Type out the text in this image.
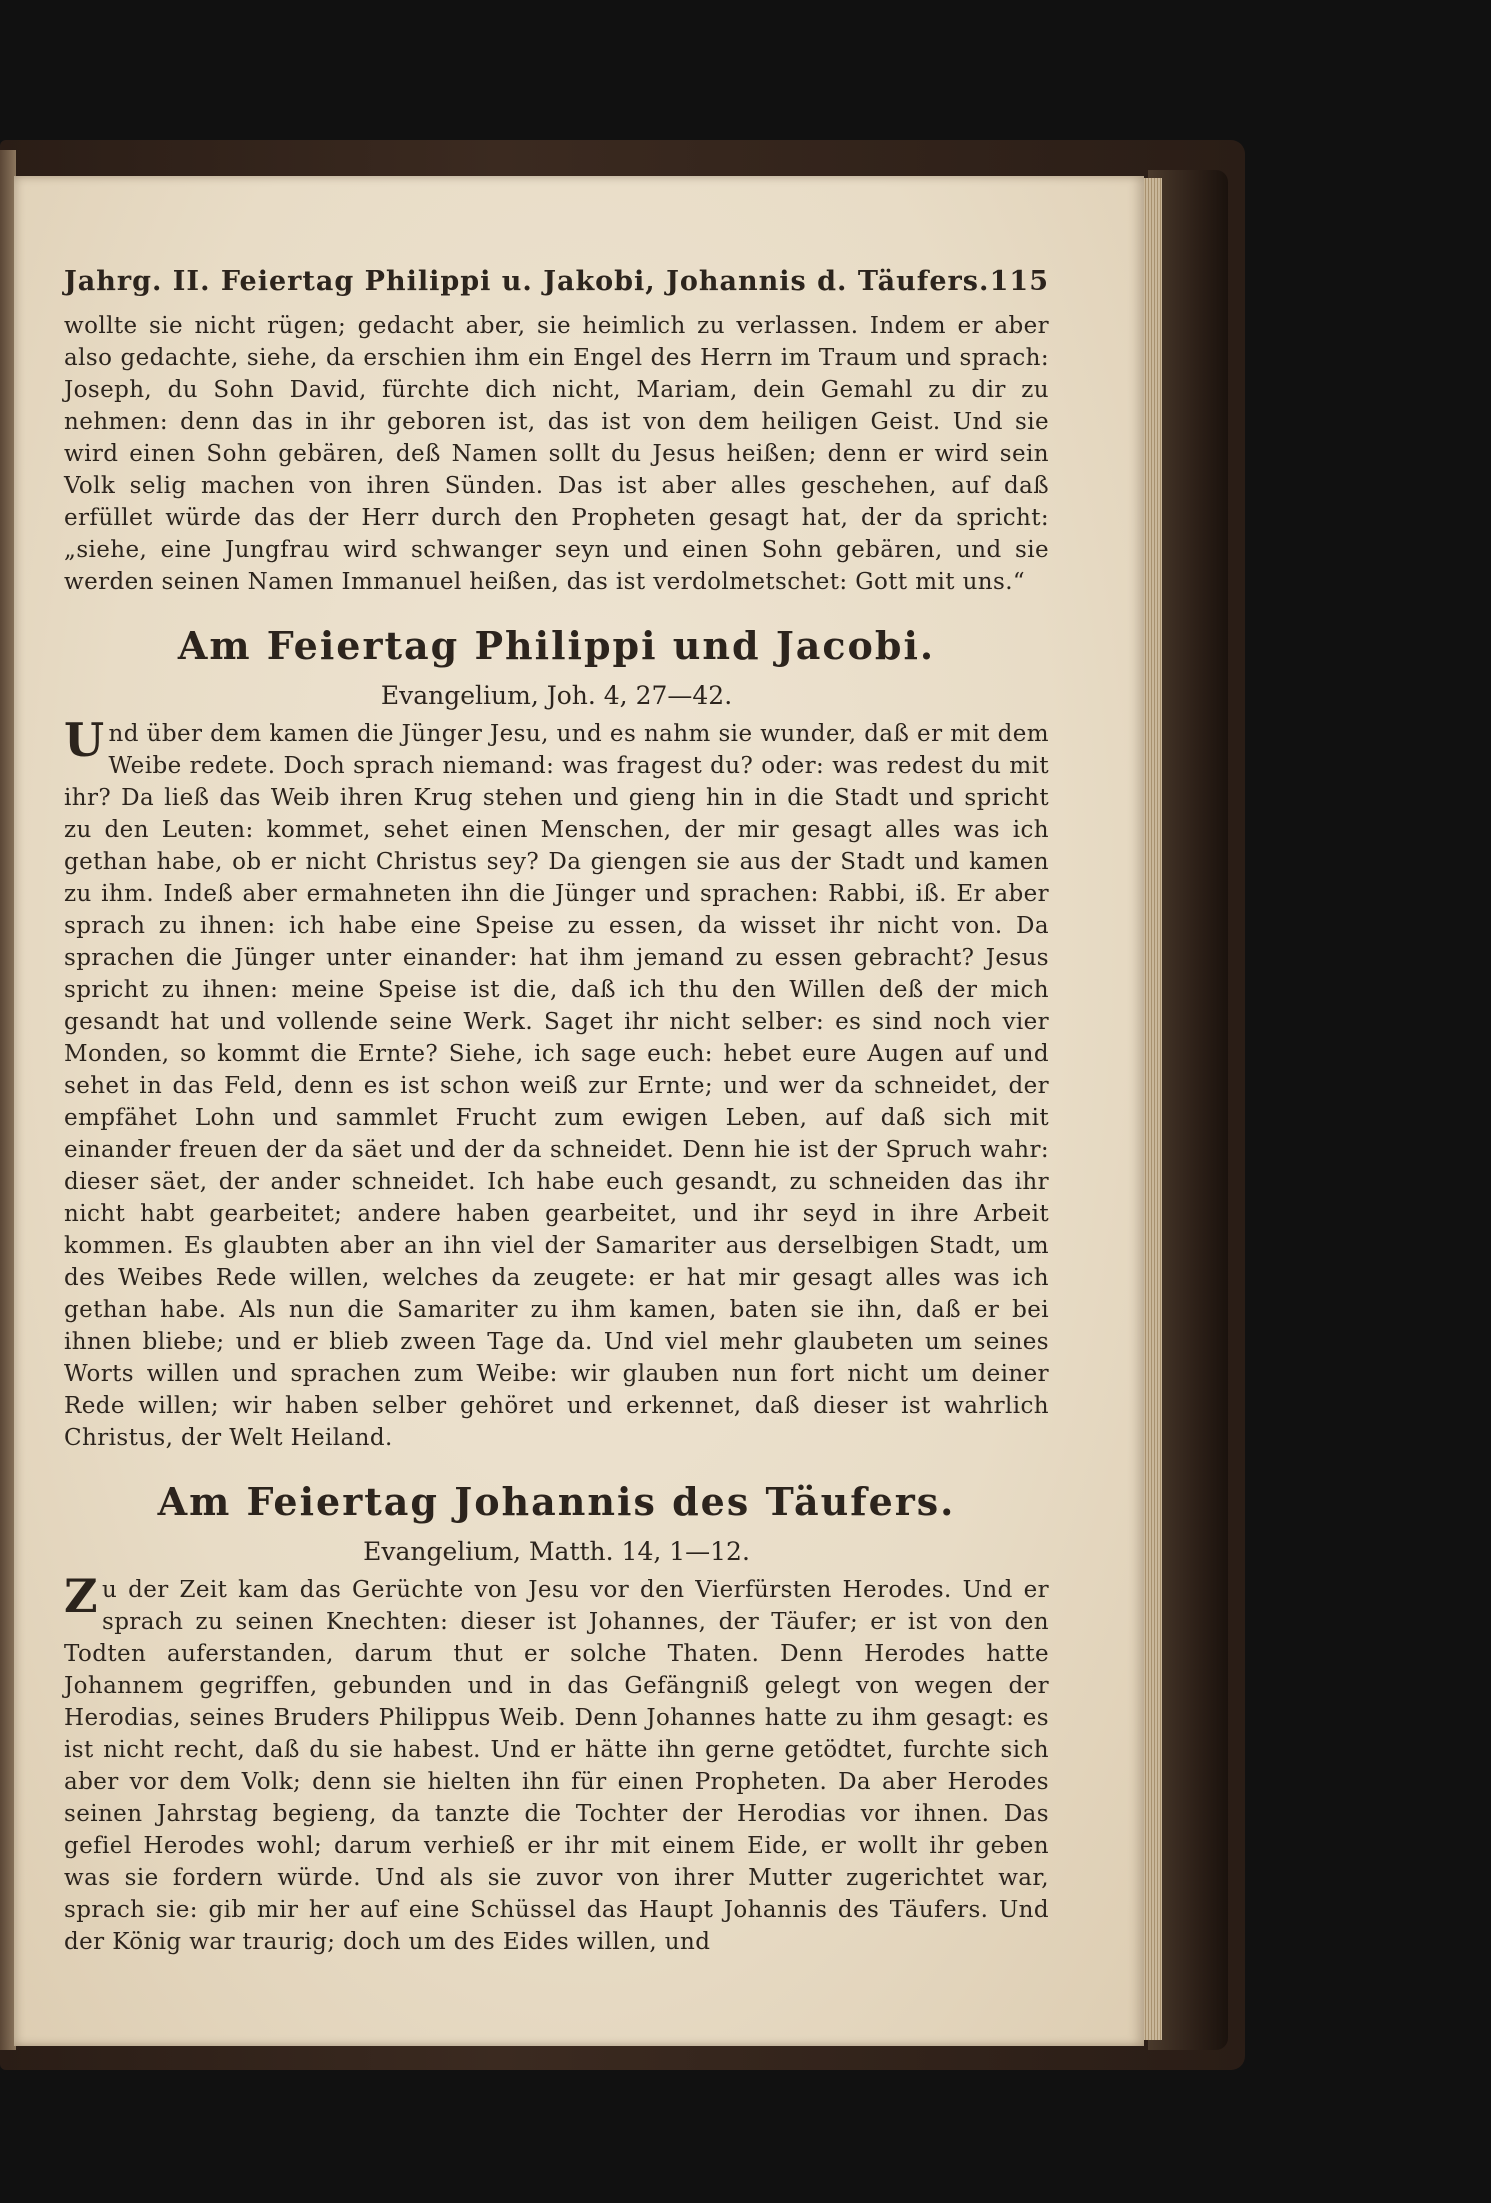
Jahrg. II. Feiertag Philippi u. Jakobi, Johannis d. Täufers. 115

wollte sie nicht rügen; gedacht aber, sie heimlich zu verlassen. Indem er aber also gedachte, siehe, da erschien ihm ein Engel des Herrn im Traum und sprach: Joseph, du Sohn David, fürchte dich nicht, Mariam, dein Gemahl zu dir zu nehmen: denn das in ihr geboren ist, das ist von dem heiligen Geist. Und sie wird einen Sohn gebären, deß Namen sollt du Jesus heißen; denn er wird sein Volk selig machen von ihren Sünden. Das ist aber alles geschehen, auf daß erfüllet würde das der Herr durch den Propheten gesagt hat, der da spricht: „siehe, eine Jungfrau wird schwanger seyn und einen Sohn gebären, und sie werden seinen Namen Immanuel heißen, das ist verdolmetschet: Gott mit uns.“

Am Feiertag Philippi und Jacobi.
Evangelium, Joh. 4, 27—42.

Und über dem kamen die Jünger Jesu, und es nahm sie wunder, daß er mit dem Weibe redete. Doch sprach niemand: was fragest du? oder: was redest du mit ihr? Da ließ das Weib ihren Krug stehen und gieng hin in die Stadt und spricht zu den Leuten: kommet, sehet einen Menschen, der mir gesagt alles was ich gethan habe, ob er nicht Christus sey? Da giengen sie aus der Stadt und kamen zu ihm. Indeß aber ermahneten ihn die Jünger und sprachen: Rabbi, iß. Er aber sprach zu ihnen: ich habe eine Speise zu essen, da wisset ihr nicht von. Da sprachen die Jünger unter einander: hat ihm jemand zu essen gebracht? Jesus spricht zu ihnen: meine Speise ist die, daß ich thu den Willen deß der mich gesandt hat und vollende seine Werk. Saget ihr nicht selber: es sind noch vier Monden, so kommt die Ernte? Siehe, ich sage euch: hebet eure Augen auf und sehet in das Feld, denn es ist schon weiß zur Ernte; und wer da schneidet, der empfähet Lohn und sammlet Frucht zum ewigen Leben, auf daß sich mit einander freuen der da säet und der da schneidet. Denn hie ist der Spruch wahr: dieser säet, der ander schneidet. Ich habe euch gesandt, zu schneiden das ihr nicht habt gearbeitet; andere haben gearbeitet, und ihr seyd in ihre Arbeit kommen. Es glaubten aber an ihn viel der Samariter aus derselbigen Stadt, um des Weibes Rede willen, welches da zeugete: er hat mir gesagt alles was ich gethan habe. Als nun die Samariter zu ihm kamen, baten sie ihn, daß er bei ihnen bliebe; und er blieb zween Tage da. Und viel mehr glaubeten um seines Worts willen und sprachen zum Weibe: wir glauben nun fort nicht um deiner Rede willen; wir haben selber gehöret und erkennet, daß dieser ist wahrlich Christus, der Welt Heiland.

Am Feiertag Johannis des Täufers.
Evangelium, Matth. 14, 1—12.

Zu der Zeit kam das Gerüchte von Jesu vor den Vierfürsten Herodes. Und er sprach zu seinen Knechten: dieser ist Johannes, der Täufer; er ist von den Todten auferstanden, darum thut er solche Thaten. Denn Herodes hatte Johannem gegriffen, gebunden und in das Gefängniß gelegt von wegen der Herodias, seines Bruders Philippus Weib. Denn Johannes hatte zu ihm gesagt: es ist nicht recht, daß du sie habest. Und er hätte ihn gerne getödtet, furchte sich aber vor dem Volk; denn sie hielten ihn für einen Propheten. Da aber Herodes seinen Jahrstag begieng, da tanzte die Tochter der Herodias vor ihnen. Das gefiel Herodes wohl; darum verhieß er ihr mit einem Eide, er wollt ihr geben was sie fordern würde. Und als sie zuvor von ihrer Mutter zugerichtet war, sprach sie: gib mir her auf eine Schüssel das Haupt Johannis des Täufers. Und der König war traurig; doch um des Eides willen, und
